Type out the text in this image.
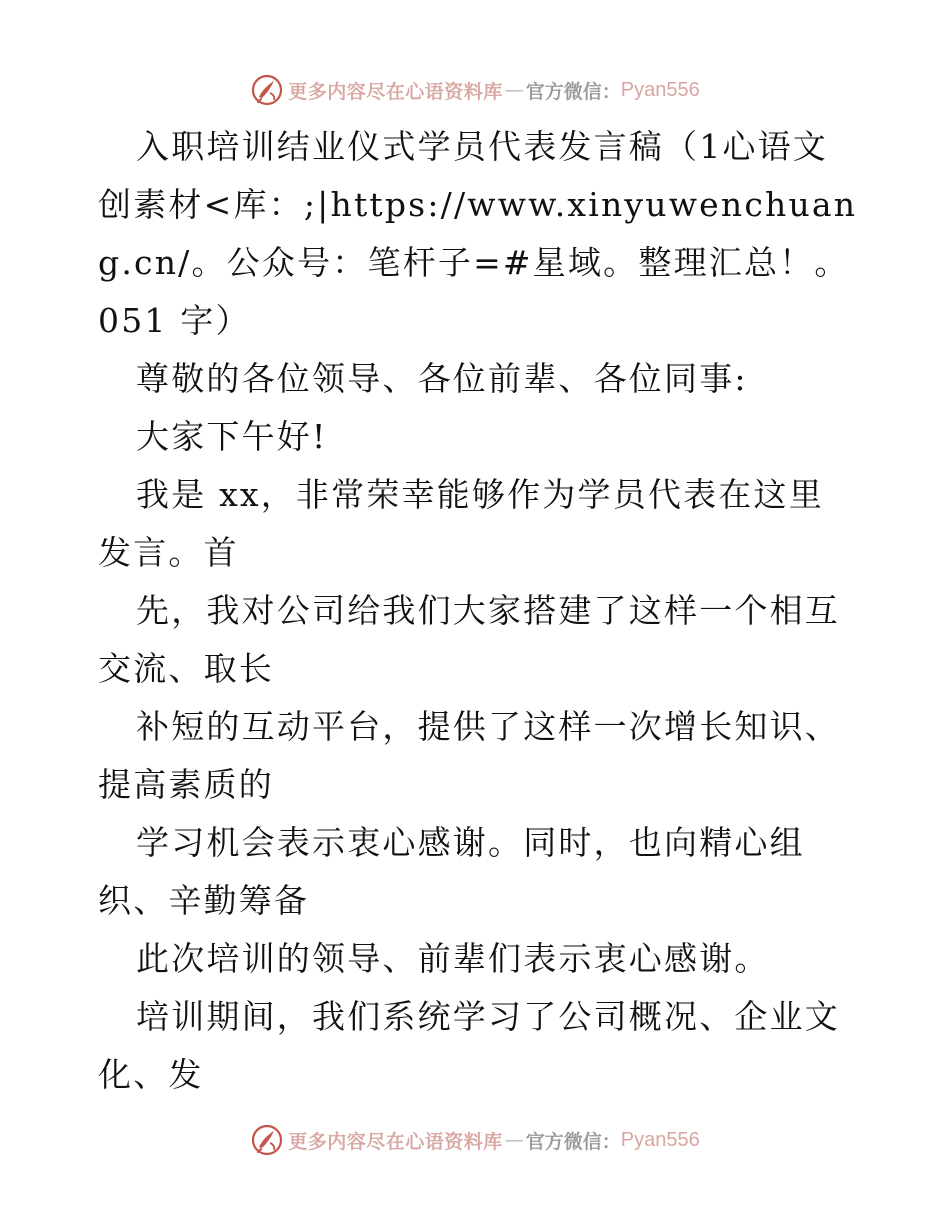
更多内容尽在心语资料库 — 官方微信： Pyan556

入职培训结业仪式学员代表发言稿（1心语文创素材<库：;|https://www.xinyuwenchuang.cn/。公众号：笔杆子=#星域。整理汇总！。051 字）

尊敬的各位领导、各位前辈、各位同事:

大家下午好!

我是 xx，非常荣幸能够作为学员代表在这里发言。首

先，我对公司给我们大家搭建了这样一个相互交流、取长

补短的互动平台，提供了这样一次增长知识、提高素质的

学习机会表示衷心感谢。同时，也向精心组织、辛勤筹备

此次培训的领导、前辈们表示衷心感谢。

培训期间，我们系统学习了公司概况、企业文化、发

更多内容尽在心语资料库 — 官方微信： Pyan556
